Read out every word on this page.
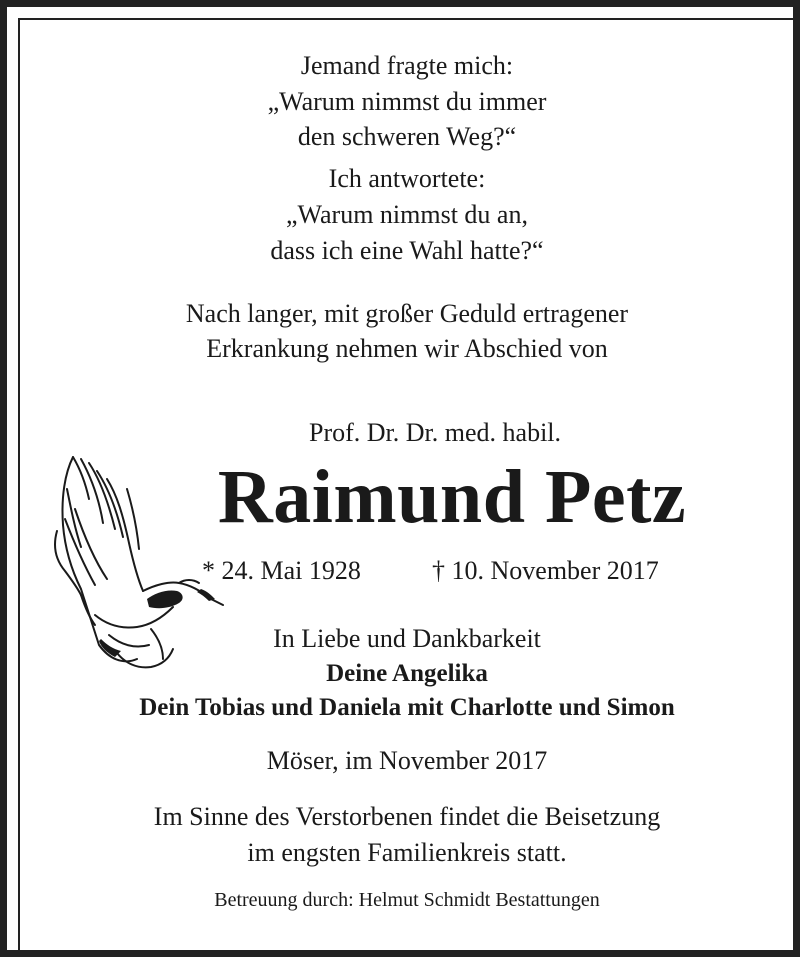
Jemand fragte mich:
„Warum nimmst du immer
den schweren Weg?“
Ich antwortete:
„Warum nimmst du an,
dass ich eine Wahl hatte?“
Nach langer, mit großer Geduld ertragener
Erkrankung nehmen wir Abschied von
Prof. Dr. Dr. med. habil.
Raimund Petz
* 24. Mai 1928	† 10. November 2017
In Liebe und Dankbarkeit
Deine Angelika
Dein Tobias und Daniela mit Charlotte und Simon
Möser, im November 2017
Im Sinne des Verstorbenen findet die Beisetzung
im engsten Familienkreis statt.
Betreuung durch: Helmut Schmidt Bestattungen
